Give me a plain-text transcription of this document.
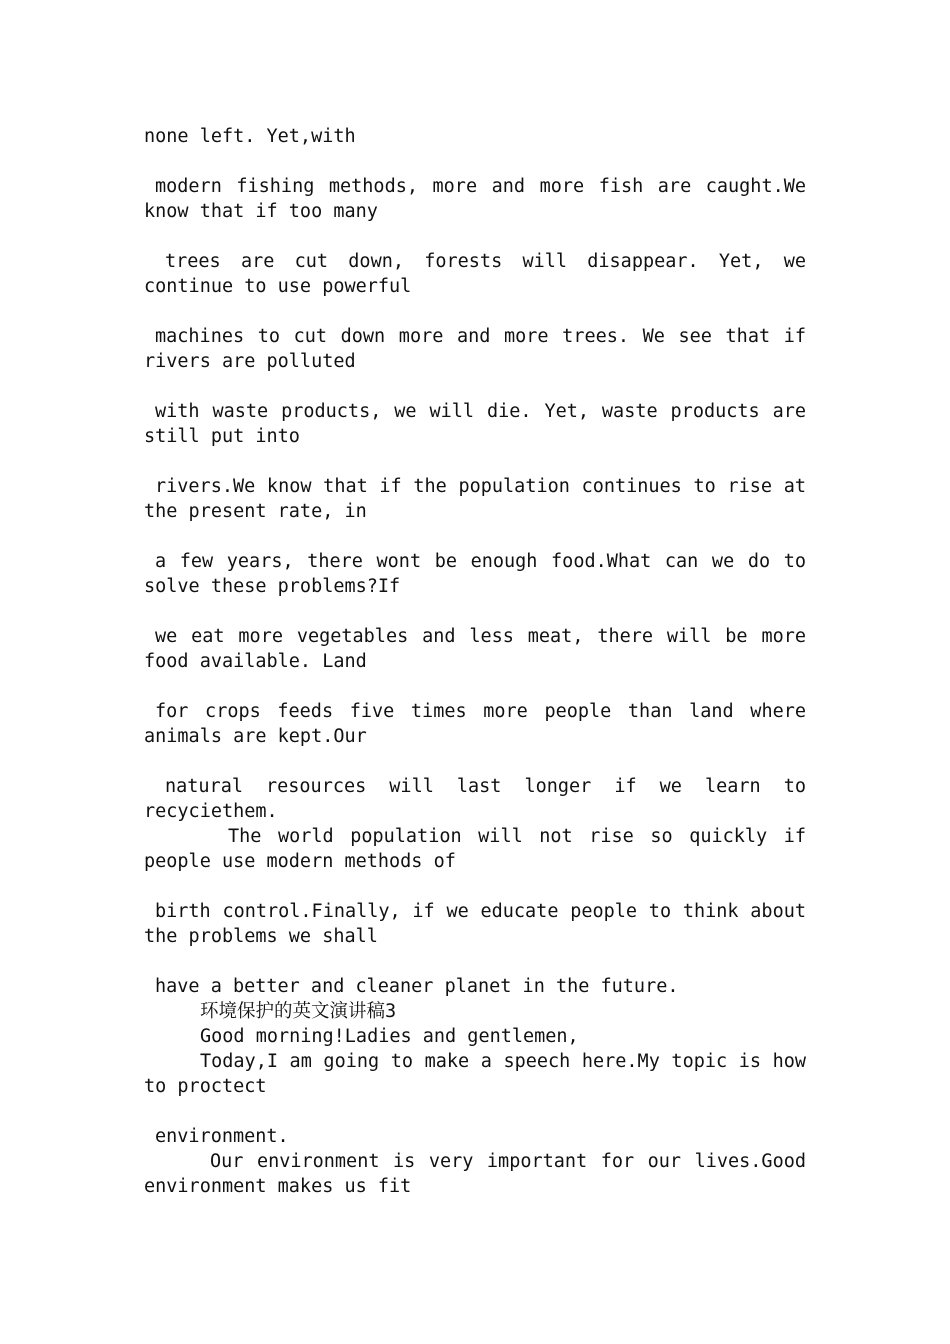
none left. Yet,with

modern fishing methods, more and more fish are caught.We know that if too many

trees are cut down, forests will disappear. Yet, we continue to use powerful

machines to cut down more and more trees. We see that if rivers are polluted

with waste products, we will die. Yet, waste products are still put into

rivers.We know that if the population continues to rise at the present rate, in

a few years, there wont be enough food.What can we do to solve these problems?If

we eat more vegetables and less meat, there will be more food available. Land

for crops feeds five times more people than land where animals are kept.Our

natural resources will last longer if we learn to recyciethem.

The world population will not rise so quickly if people use modern methods of

birth control.Finally, if we educate people to think about the problems we shall

have a better and cleaner planet in the future.

环境保护的英文演讲稿3

Good morning!Ladies and gentlemen,

Today,I am going to make a speech here.My topic is how to proctect

environment.

Our environment is very important for our lives.Good environment makes us fit
